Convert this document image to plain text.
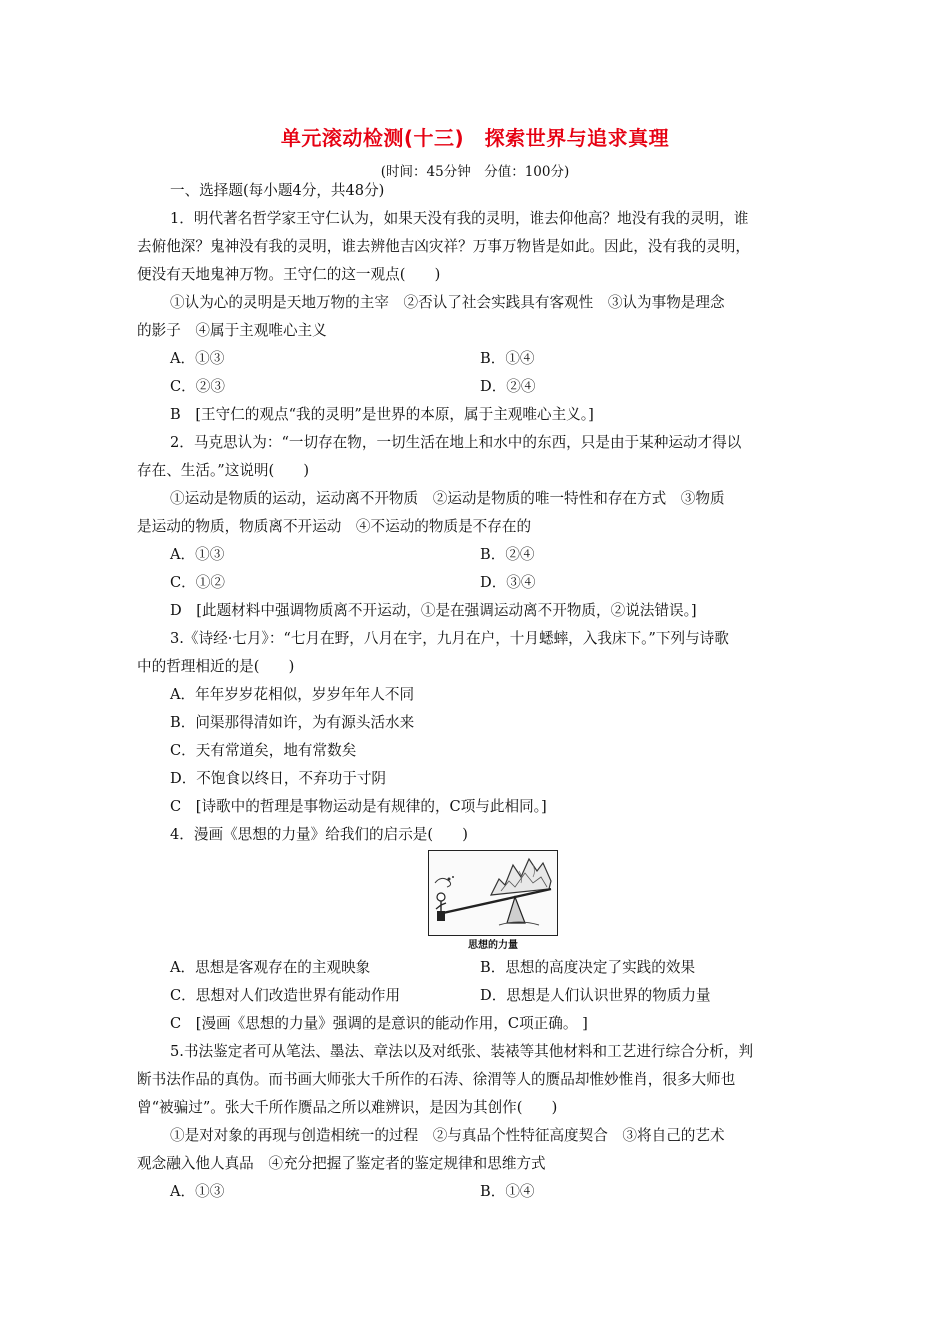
单元滚动检测(十三)　探索世界与追求真理
(时间：45分钟　分值：100分)
一、选择题(每小题4分，共48分)
1．明代著名哲学家王守仁认为，如果天没有我的灵明，谁去仰他高？地没有我的灵明，谁
去俯他深？鬼神没有我的灵明，谁去辨他吉凶灾祥？万事万物皆是如此。因此，没有我的灵明，
便没有天地鬼神万物。王守仁的这一观点(　　)
①认为心的灵明是天地万物的主宰　②否认了社会实践具有客观性　③认为事物是理念
的影子　④属于主观唯心主义
A．①③	B．①④
C．②③	D．②④
B　[王守仁的观点“我的灵明”是世界的本原，属于主观唯心主义。]
2．马克思认为：“一切存在物，一切生活在地上和水中的东西，只是由于某种运动才得以
存在、生活。”这说明(　　)
①运动是物质的运动，运动离不开物质　②运动是物质的唯一特性和存在方式　③物质
是运动的物质，物质离不开运动　④不运动的物质是不存在的
A．①③	B．②④
C．①②	D．③④
D　[此题材料中强调物质离不开运动，①是在强调运动离不开物质，②说法错误。]
3.《诗经·七月》：“七月在野，八月在宇，九月在户，十月蟋蟀，入我床下。”下列与诗歌
中的哲理相近的是(　　)
A．年年岁岁花相似，岁岁年年人不同
B．问渠那得清如许，为有源头活水来
C．天有常道矣，地有常数矣
D．不饱食以终日，不弃功于寸阴
C　[诗歌中的哲理是事物运动是有规律的，C项与此相同。]
4．漫画《思想的力量》给我们的启示是(　　)
思想的力量
A．思想是客观存在的主观映象	B．思想的高度决定了实践的效果
C．思想对人们改造世界有能动作用	D．思想是人们认识世界的物质力量
C　[漫画《思想的力量》强调的是意识的能动作用，C项正确。 ]
5.书法鉴定者可从笔法、墨法、章法以及对纸张、装裱等其他材料和工艺进行综合分析，判
断书法作品的真伪。而书画大师张大千所作的石涛、徐渭等人的赝品却惟妙惟肖，很多大师也
曾“被骗过”。张大千所作赝品之所以难辨识，是因为其创作(　　)
①是对对象的再现与创造相统一的过程　②与真品个性特征高度契合　③将自己的艺术
观念融入他人真品　④充分把握了鉴定者的鉴定规律和思维方式
A．①③	B．①④
